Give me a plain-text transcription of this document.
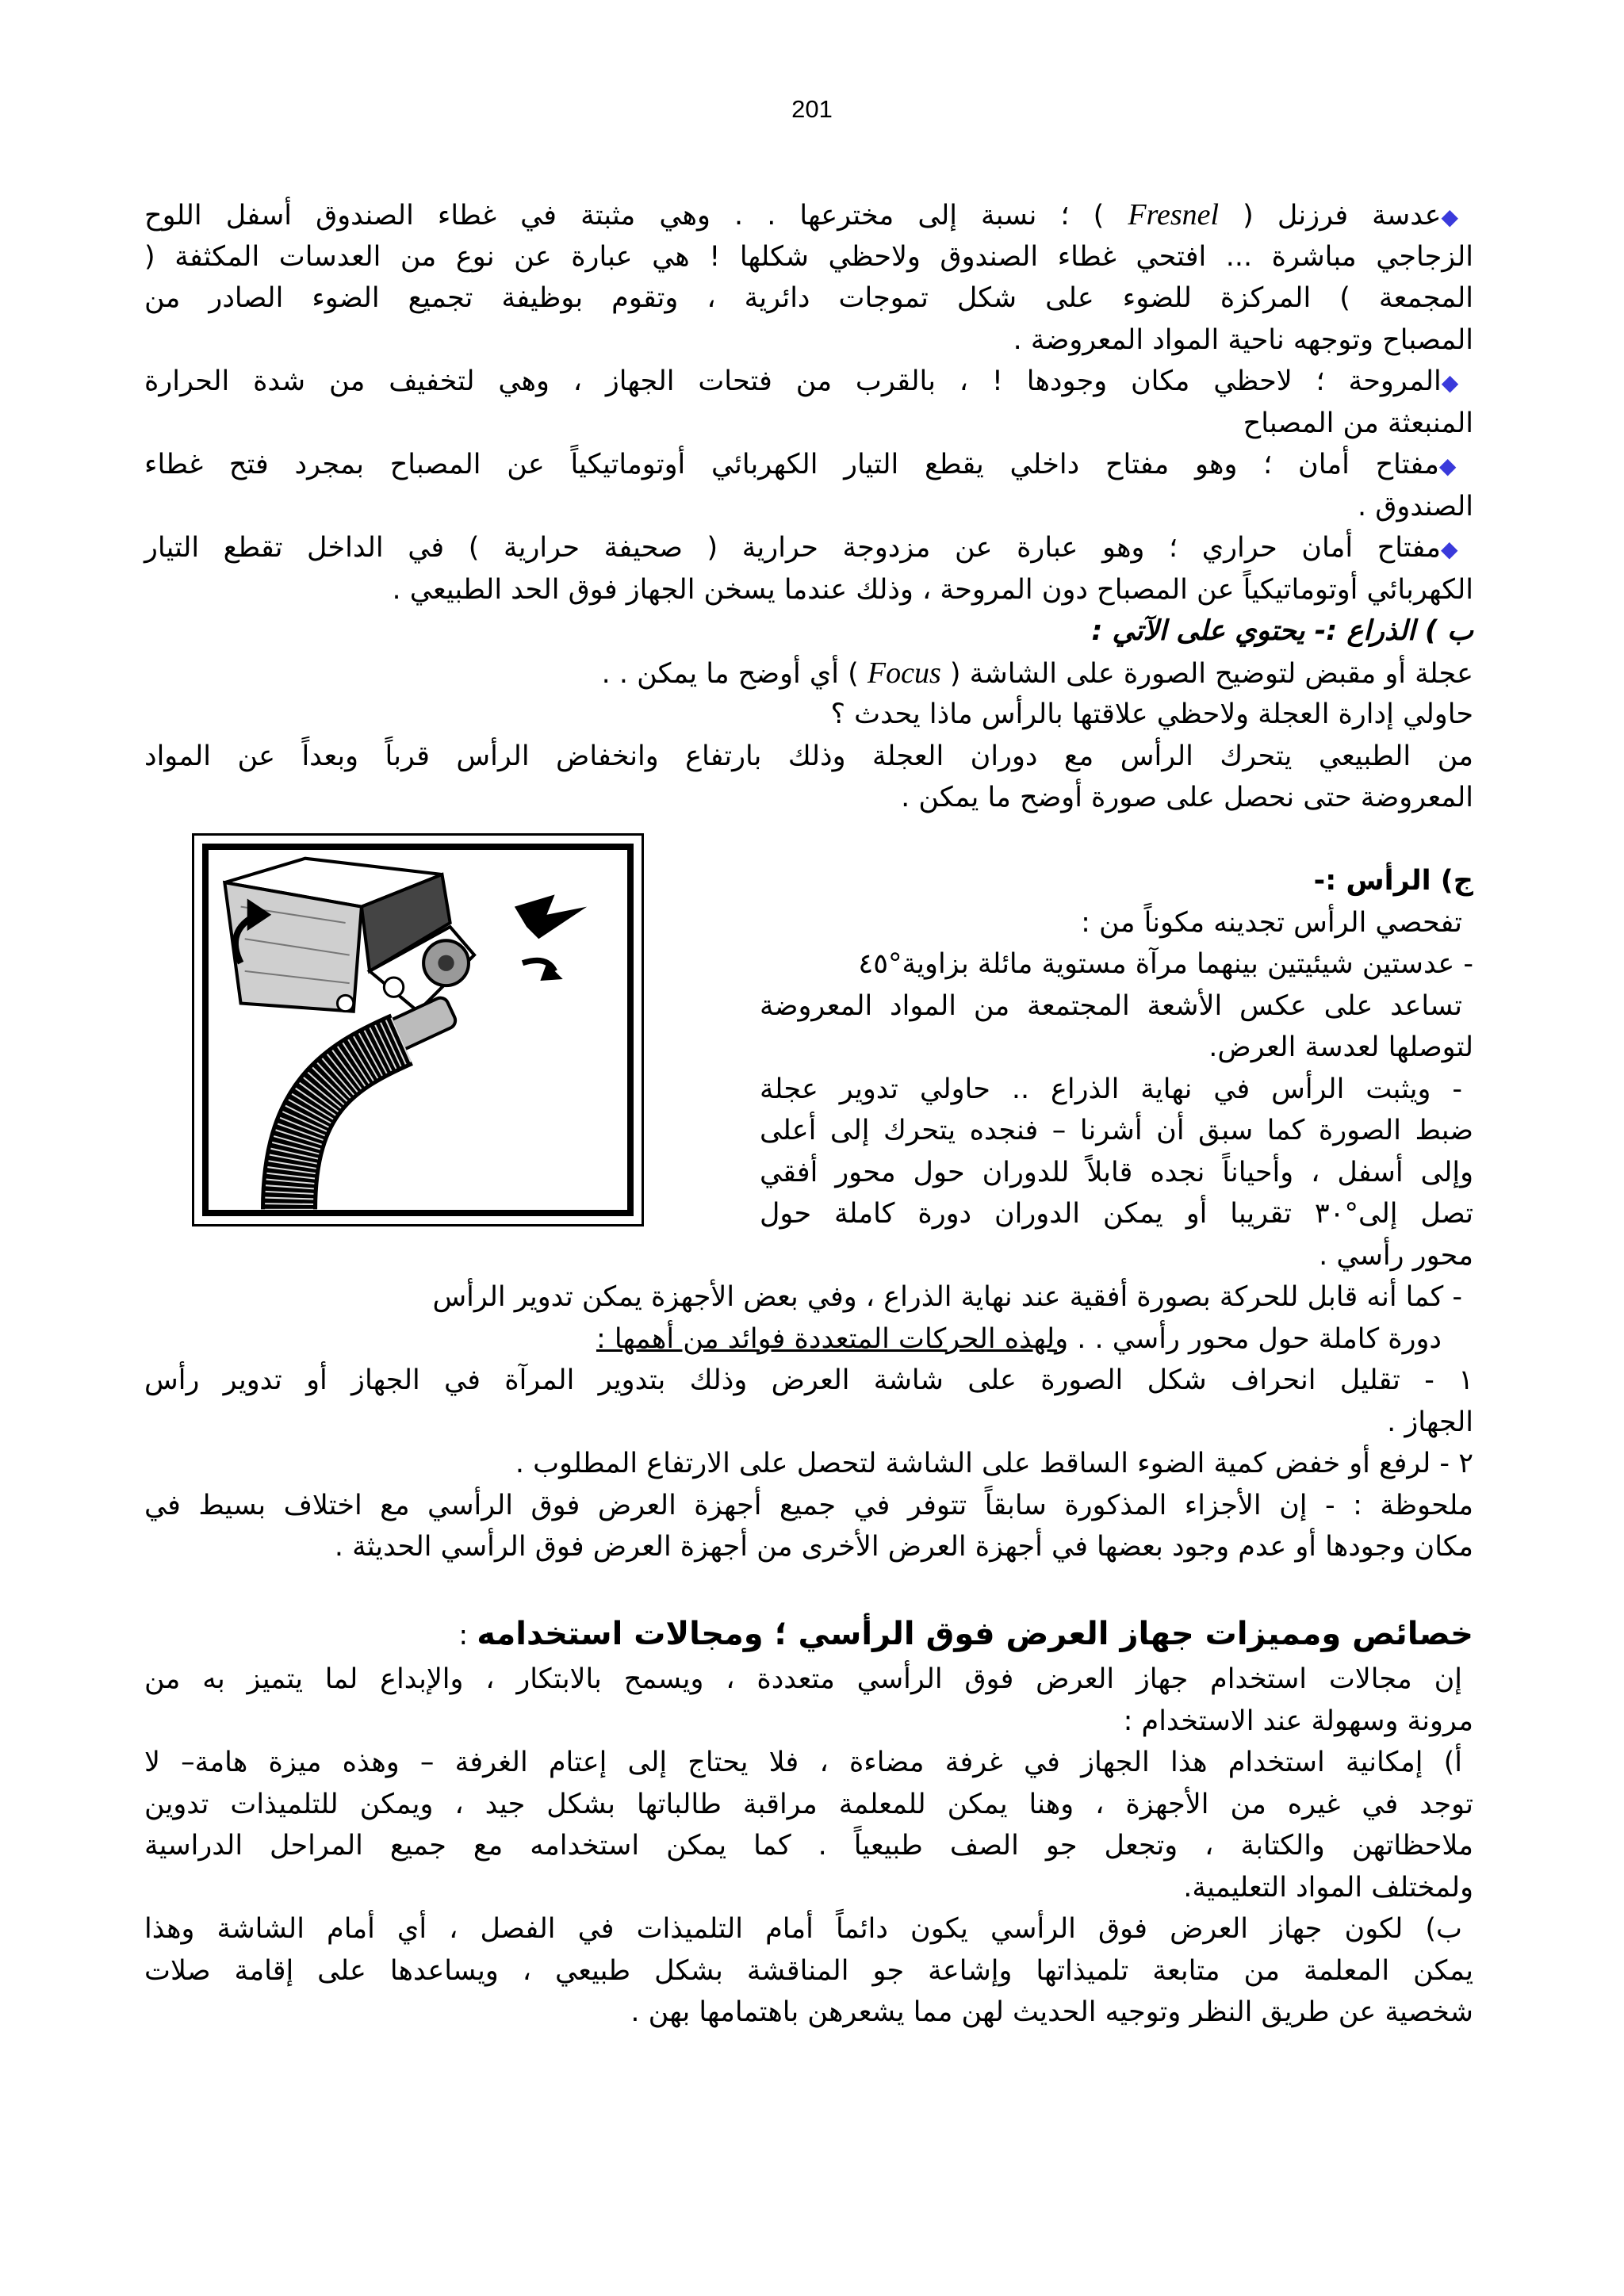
201
◆عدسة فرزنل ( Fresnel ) ؛ نسبة إلى مخترعها . . وهي مثبتة في غطاء الصندوق أسفل اللوح
الزجاجي مباشرة ... افتحي غطاء الصندوق ولاحظي شكلها ! هي عبارة عن نوع من العدسات المكثفة (
المجمعة ) المركزة للضوء على شكل تموجات دائرية ، وتقوم بوظيفة تجميع الضوء الصادر من
المصباح وتوجهه ناحية المواد المعروضة .
◆المروحة ؛ لاحظي مكان وجودها ! ، بالقرب من فتحات الجهاز ، وهي لتخفيف من شدة الحرارة
المنبعثة من المصباح
◆مفتاح أمان ؛ وهو مفتاح داخلي يقطع التيار الكهربائي أوتوماتيكياً عن المصباح بمجرد فتح غطاء
الصندوق .
◆مفتاح أمان حراري ؛ وهو عبارة عن مزدوجة حرارية ( صحيفة حرارية ) في الداخل تقطع التيار
الكهربائي أوتوماتيكياً عن المصباح دون المروحة ، وذلك عندما يسخن الجهاز فوق الحد الطبيعي .
ب ) الذراع :- يحتوي على الآتي :
عجلة أو مقبض لتوضيح الصورة على الشاشة ( Focus ) أي أوضح ما يمكن . .
حاولي إدارة العجلة ولاحظي علاقتها بالرأس ماذا يحدث ؟
من الطبيعي يتحرك الرأس مع دوران العجلة وذلك بارتفاع وانخفاض الرأس قرباً وبعداً عن المواد
المعروضة حتى نحصل على صورة أوضح ما يمكن .
ج) الرأس :-
تفحصي الرأس تجدينه مكوناً من :
- عدستين شيئيتين بينهما مرآة مستوية مائلة بزاوية°٤٥
تساعد على عكس الأشعة المجتمعة من المواد المعروضة
لتوصلها لعدسة العرض.
- ويثبت الرأس في نهاية الذراع .. حاولي تدوير عجلة
ضبط الصورة كما سبق أن أشرنا – فنجده يتحرك إلى أعلى
وإلى أسفل ، وأحياناً نجده قابلاً للدوران حول محور أفقي
تصل إلى°٣٠ تقريبا أو يمكن الدوران دورة كاملة حول
محور رأسي .
- كما أنه قابل للحركة بصورة أفقية عند نهاية الذراع ، وفي بعض الأجهزة يمكن تدوير الرأس
دورة كاملة حول محور رأسي . . ولهذه الحركات المتعددة فوائد من أهمها :
١ - تقليل انحراف شكل الصورة على شاشة العرض وذلك بتدوير المرآة في الجهاز أو تدوير رأس
الجهاز .
٢ - لرفع أو خفض كمية الضوء الساقط على الشاشة لتحصل على الارتفاع المطلوب .
ملحوظة : - إن الأجزاء المذكورة سابقاً تتوفر في جميع أجهزة العرض فوق الرأسي مع اختلاف بسيط في
مكان وجودها أو عدم وجود بعضها في أجهزة العرض الأخرى من أجهزة العرض فوق الرأسي الحديثة .
خصائص ومميزات جهاز العرض فوق الرأسي ؛ ومجالات استخدامه :
إن مجالات استخدام جهاز العرض فوق الرأسي متعددة ، ويسمح بالابتكار ، والإبداع لما يتميز به من
مرونة وسهولة عند الاستخدام :
أ) إمكانية استخدام هذا الجهاز في غرفة مضاءة ، فلا يحتاج إلى إعتام الغرفة – وهذه ميزة هامة– لا
توجد في غيره من الأجهزة ، وهنا يمكن للمعلمة مراقبة طالباتها بشكل جيد ، ويمكن للتلميذات تدوين
ملاحظاتهن والكتابة ، وتجعل جو الصف طبيعياً . كما يمكن استخدامه مع جميع المراحل الدراسية
ولمختلف المواد التعليمية.
ب) لكون جهاز العرض فوق الرأسي يكون دائماً أمام التلميذات في الفصل ، أي أمام الشاشة وهذا
يمكن المعلمة من متابعة تلميذاتها وإشاعة جو المناقشة بشكل طبيعي ، ويساعدها على إقامة صلات
شخصية عن طريق النظر وتوجيه الحديث لهن مما يشعرهن باهتمامها بهن .
